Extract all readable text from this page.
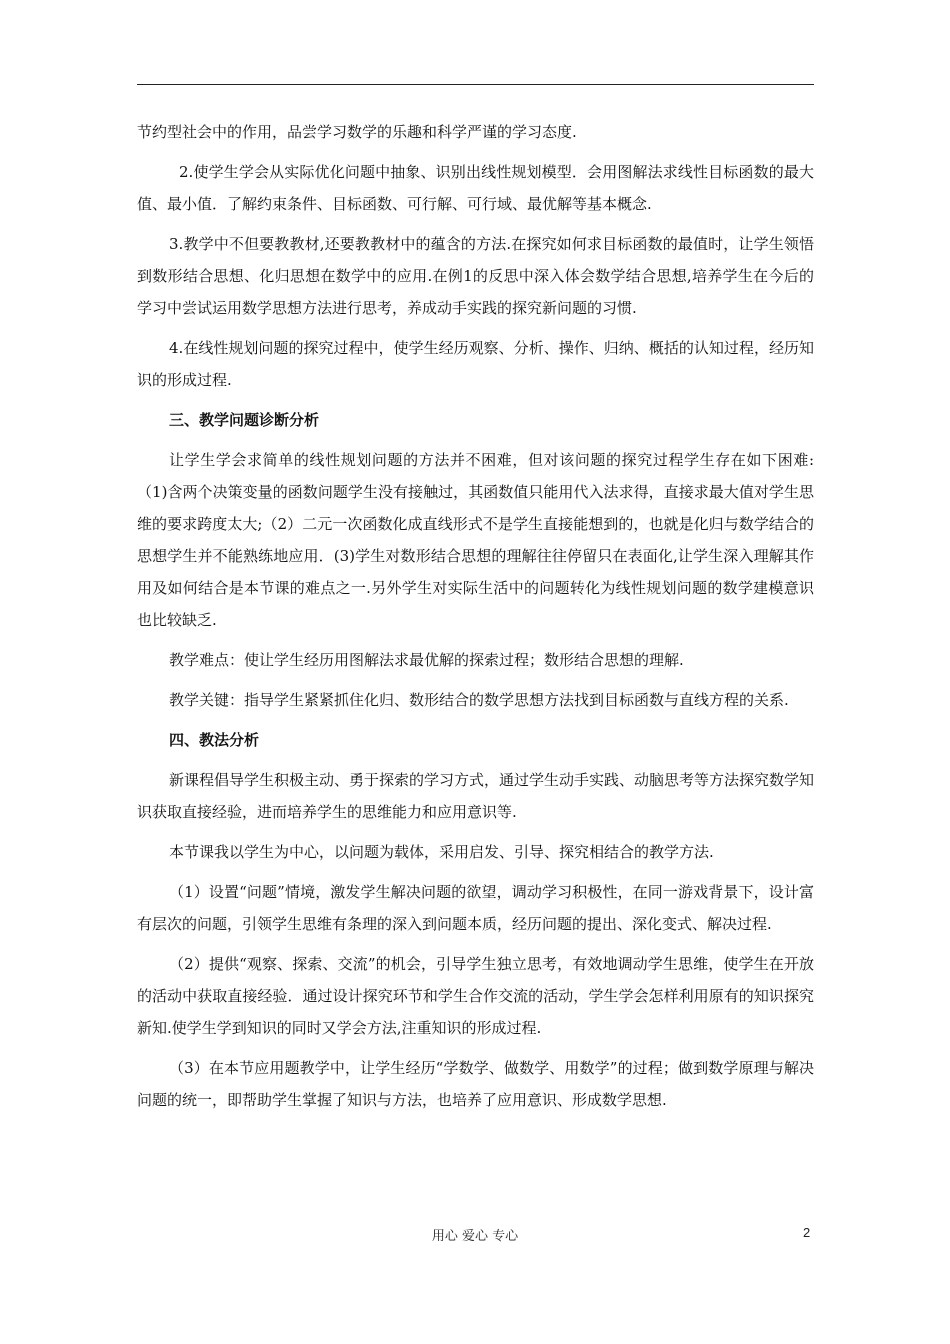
节约型社会中的作用，品尝学习数学的乐趣和科学严谨的学习态度.

2.使学生学会从实际优化问题中抽象、识别出线性规划模型．会用图解法求线性目标函数的最大值、最小值．了解约束条件、目标函数、可行解、可行域、最优解等基本概念.

3.教学中不但要教教材,还要教教材中的蕴含的方法.在探究如何求目标函数的最值时，让学生领悟到数形结合思想、化归思想在数学中的应用.在例1的反思中深入体会数学结合思想,培养学生在今后的学习中尝试运用数学思想方法进行思考，养成动手实践的探究新问题的习惯.

4.在线性规划问题的探究过程中，使学生经历观察、分析、操作、归纳、概括的认知过程，经历知识的形成过程.

三、教学问题诊断分析

让学生学会求简单的线性规划问题的方法并不困难，但对该问题的探究过程学生存在如下困难:（1)含两个决策变量的函数问题学生没有接触过，其函数值只能用代入法求得，直接求最大值对学生思维的要求跨度太大;（2）二元一次函数化成直线形式不是学生直接能想到的，也就是化归与数学结合的思想学生并不能熟练地应用．(3)学生对数形结合思想的理解往往停留只在表面化,让学生深入理解其作用及如何结合是本节课的难点之一.另外学生对实际生活中的问题转化为线性规划问题的数学建模意识也比较缺乏.

教学难点：使让学生经历用图解法求最优解的探索过程；数形结合思想的理解.

教学关键：指导学生紧紧抓住化归、数形结合的数学思想方法找到目标函数与直线方程的关系.

四、教法分析

新课程倡导学生积极主动、勇于探索的学习方式，通过学生动手实践、动脑思考等方法探究数学知识获取直接经验，进而培养学生的思维能力和应用意识等.

本节课我以学生为中心，以问题为载体，采用启发、引导、探究相结合的教学方法.

（1）设置“问题”情境，激发学生解决问题的欲望，调动学习积极性，在同一游戏背景下，设计富有层次的问题，引领学生思维有条理的深入到问题本质，经历问题的提出、深化变式、解决过程.

（2）提供“观察、探索、交流”的机会，引导学生独立思考，有效地调动学生思维，使学生在开放的活动中获取直接经验．通过设计探究环节和学生合作交流的活动，学生学会怎样利用原有的知识探究新知.使学生学到知识的同时又学会方法,注重知识的形成过程.

（3）在本节应用题教学中，让学生经历“学数学、做数学、用数学”的过程；做到数学原理与解决问题的统一，即帮助学生掌握了知识与方法，也培养了应用意识、形成数学思想.

用心 爱心 专心	2
